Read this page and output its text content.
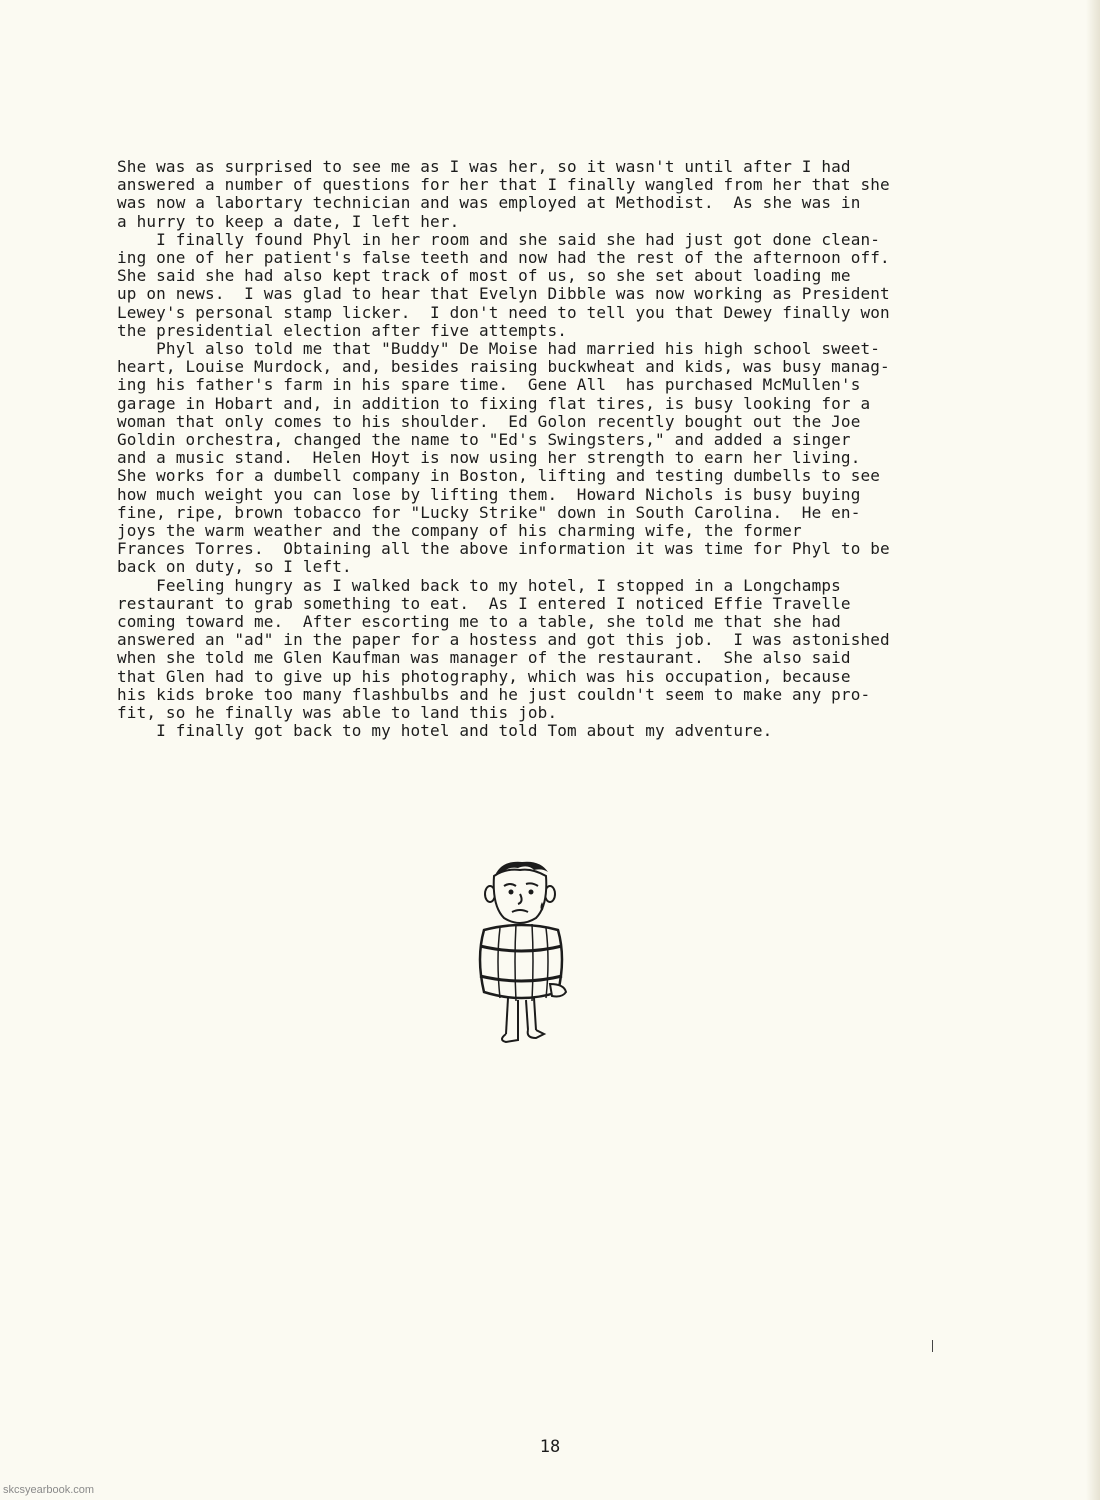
She was as surprised to see me as I was her, so it wasn't until after I had
answered a number of questions for her that I finally wangled from her that she
was now a labortary technician and was employed at Methodist.  As she was in
a hurry to keep a date, I left her.
I finally found Phyl in her room and she said she had just got done clean-
ing one of her patient's false teeth and now had the rest of the afternoon off.
She said she had also kept track of most of us, so she set about loading me
up on news.  I was glad to hear that Evelyn Dibble was now working as President
Lewey's personal stamp licker.  I don't need to tell you that Dewey finally won
the presidential election after five attempts.
Phyl also told me that "Buddy" De Moise had married his high school sweet-
heart, Louise Murdock, and, besides raising buckwheat and kids, was busy manag-
ing his father's farm in his spare time.  Gene All  has purchased McMullen's
garage in Hobart and, in addition to fixing flat tires, is busy looking for a
woman that only comes to his shoulder.  Ed Golon recently bought out the Joe
Goldin orchestra, changed the name to "Ed's Swingsters," and added a singer
and a music stand.  Helen Hoyt is now using her strength to earn her living.
She works for a dumbell company in Boston, lifting and testing dumbells to see
how much weight you can lose by lifting them.  Howard Nichols is busy buying
fine, ripe, brown tobacco for "Lucky Strike" down in South Carolina.  He en-
joys the warm weather and the company of his charming wife, the former
Frances Torres.  Obtaining all the above information it was time for Phyl to be
back on duty, so I left.
Feeling hungry as I walked back to my hotel, I stopped in a Longchamps
restaurant to grab something to eat.  As I entered I noticed Effie Travelle
coming toward me.  After escorting me to a table, she told me that she had
answered an "ad" in the paper for a hostess and got this job.  I was astonished
when she told me Glen Kaufman was manager of the restaurant.  She also said
that Glen had to give up his photography, which was his occupation, because
his kids broke too many flashbulbs and he just couldn't seem to make any pro-
fit, so he finally was able to land this job.
I finally got back to my hotel and told Tom about my adventure.
18
skcsyearbook.com
